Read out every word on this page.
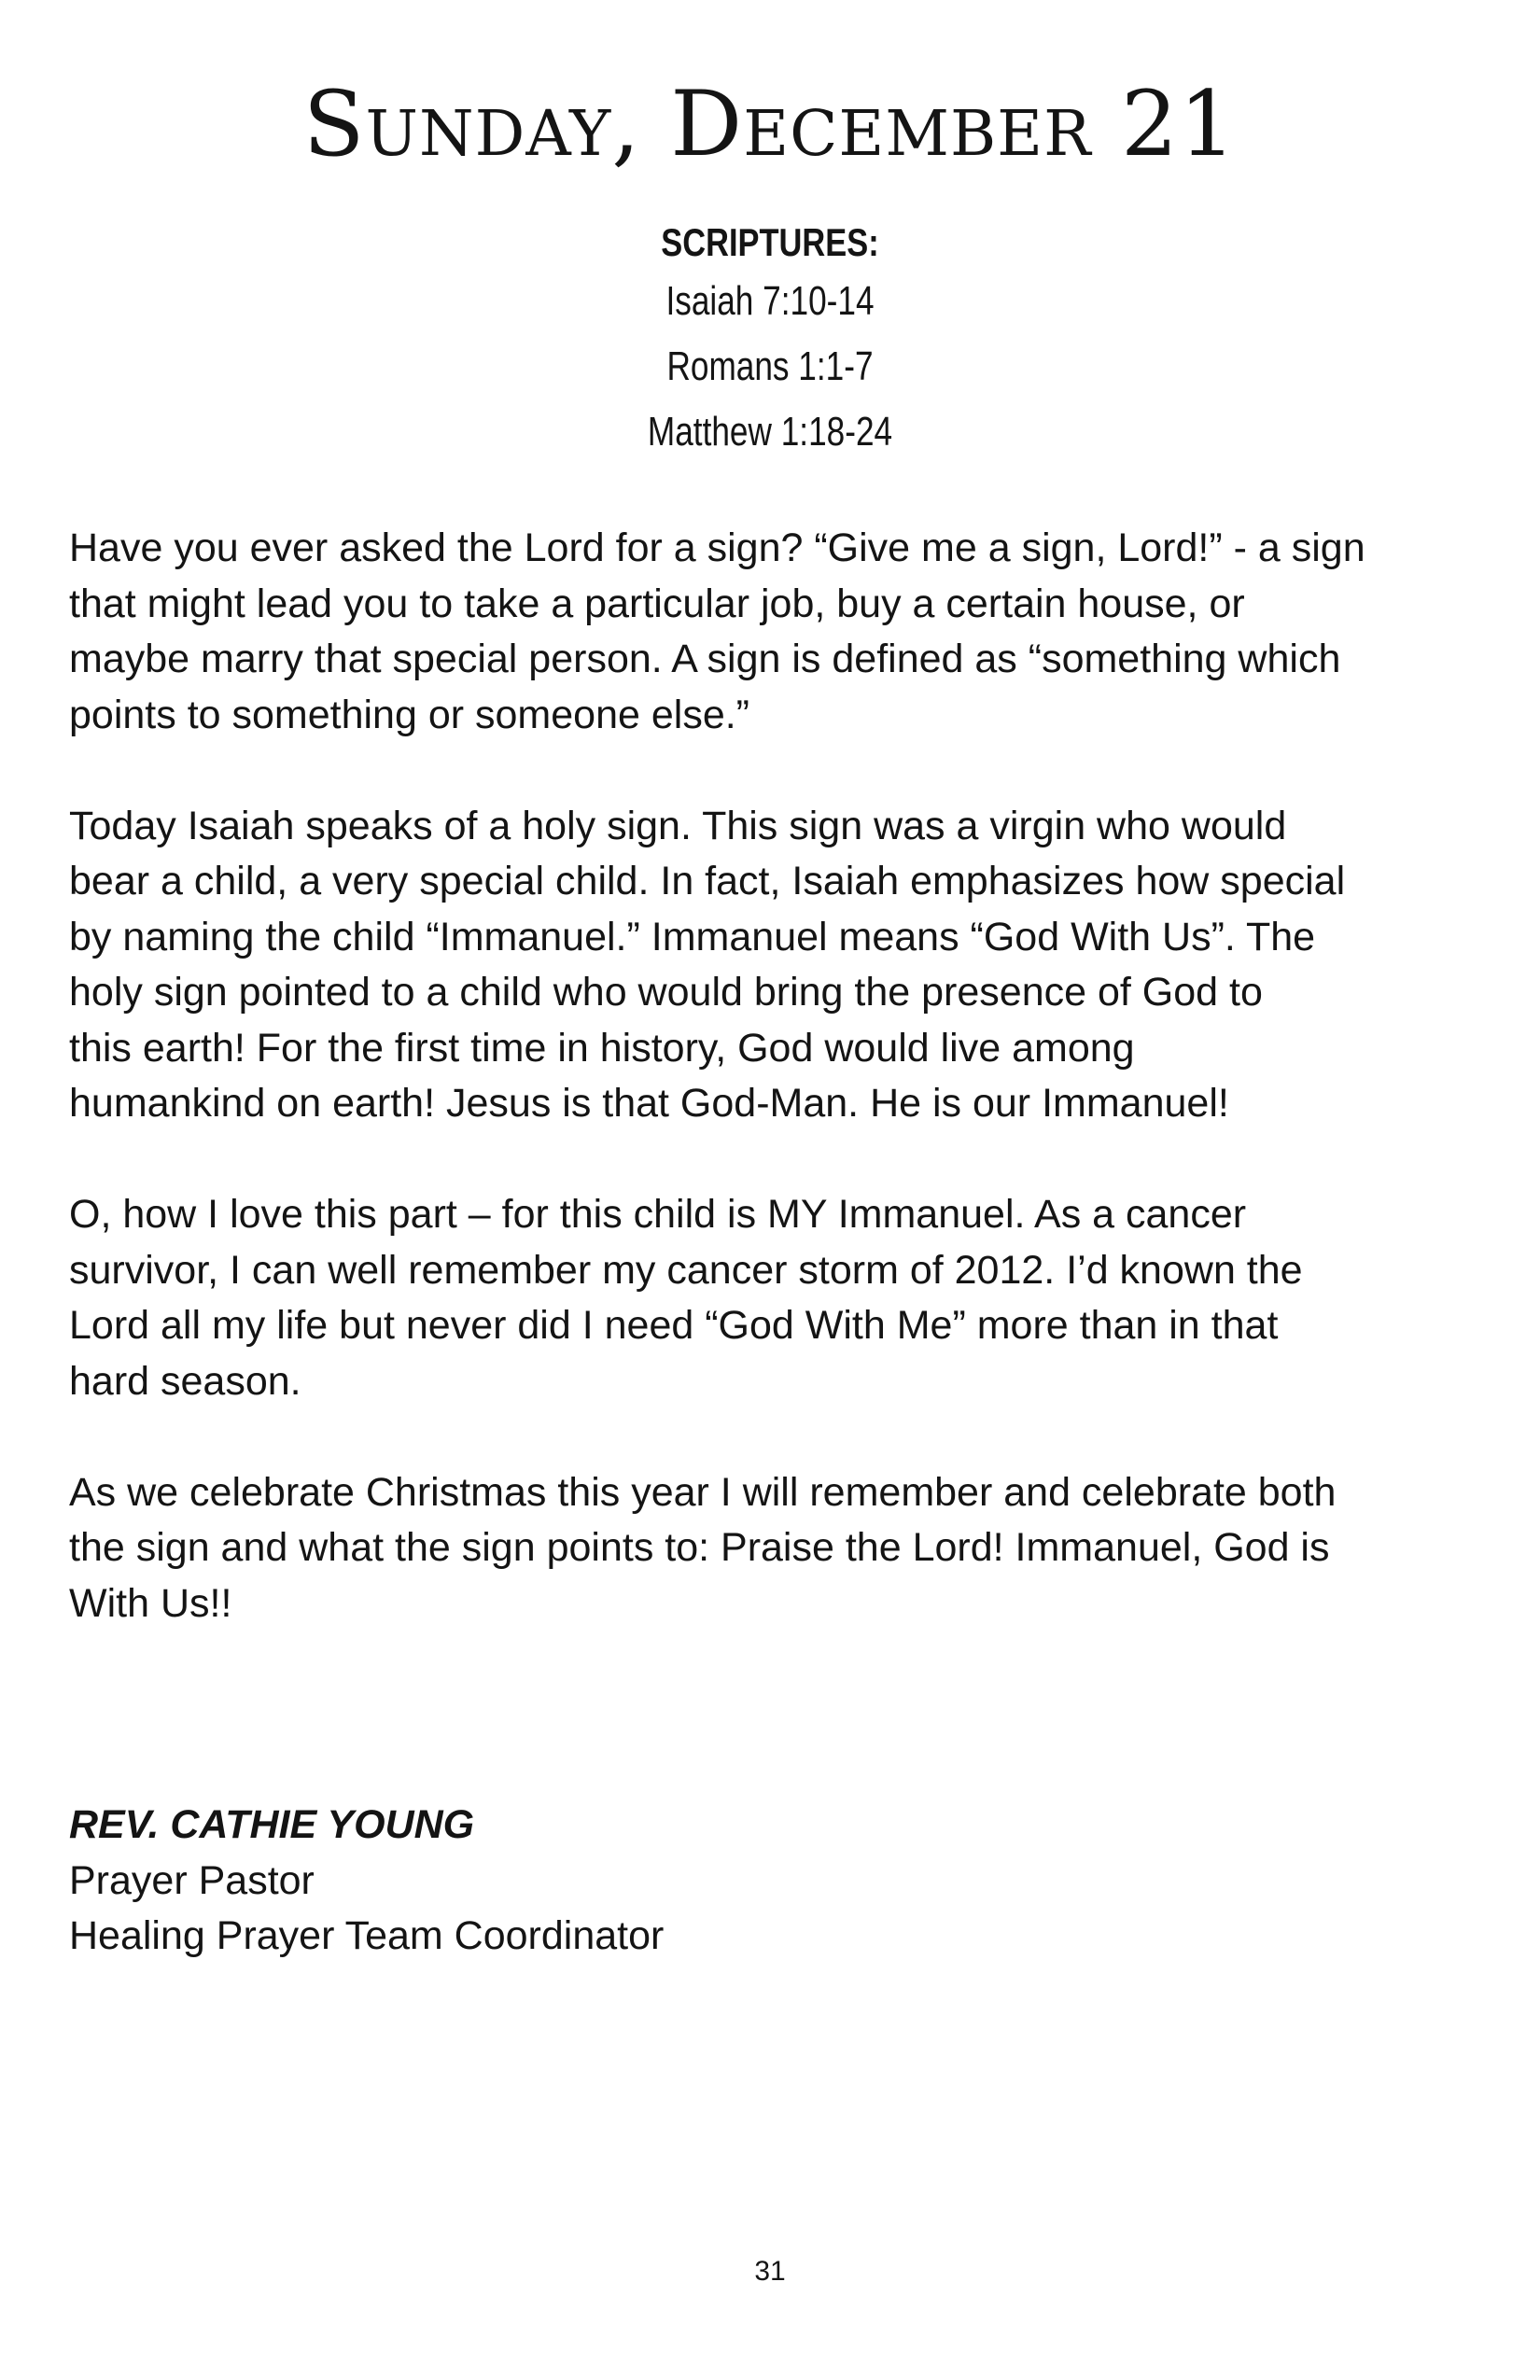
Sunday, December 21
SCRIPTURES:
Isaiah 7:10-14
Romans 1:1-7
Matthew 1:18-24

Have you ever asked the Lord for a sign? “Give me a sign, Lord!” - a sign
that might lead you to take a particular job, buy a certain house, or
maybe marry that special person. A sign is defined as “something which
points to something or someone else.”

Today Isaiah speaks of a holy sign. This sign was a virgin who would
bear a child, a very special child. In fact, Isaiah emphasizes how special
by naming the child “Immanuel.” Immanuel means “God With Us”. The
holy sign pointed to a child who would bring the presence of God to
this earth! For the first time in history, God would live among
humankind on earth! Jesus is that God-Man. He is our Immanuel!

O, how I love this part – for this child is MY Immanuel. As a cancer
survivor, I can well remember my cancer storm of 2012. I’d known the
Lord all my life but never did I need “God With Me” more than in that
hard season.

As we celebrate Christmas this year I will remember and celebrate both
the sign and what the sign points to: Praise the Lord! Immanuel, God is
With Us!!

REV. CATHIE YOUNG
Prayer Pastor
Healing Prayer Team Coordinator
31
